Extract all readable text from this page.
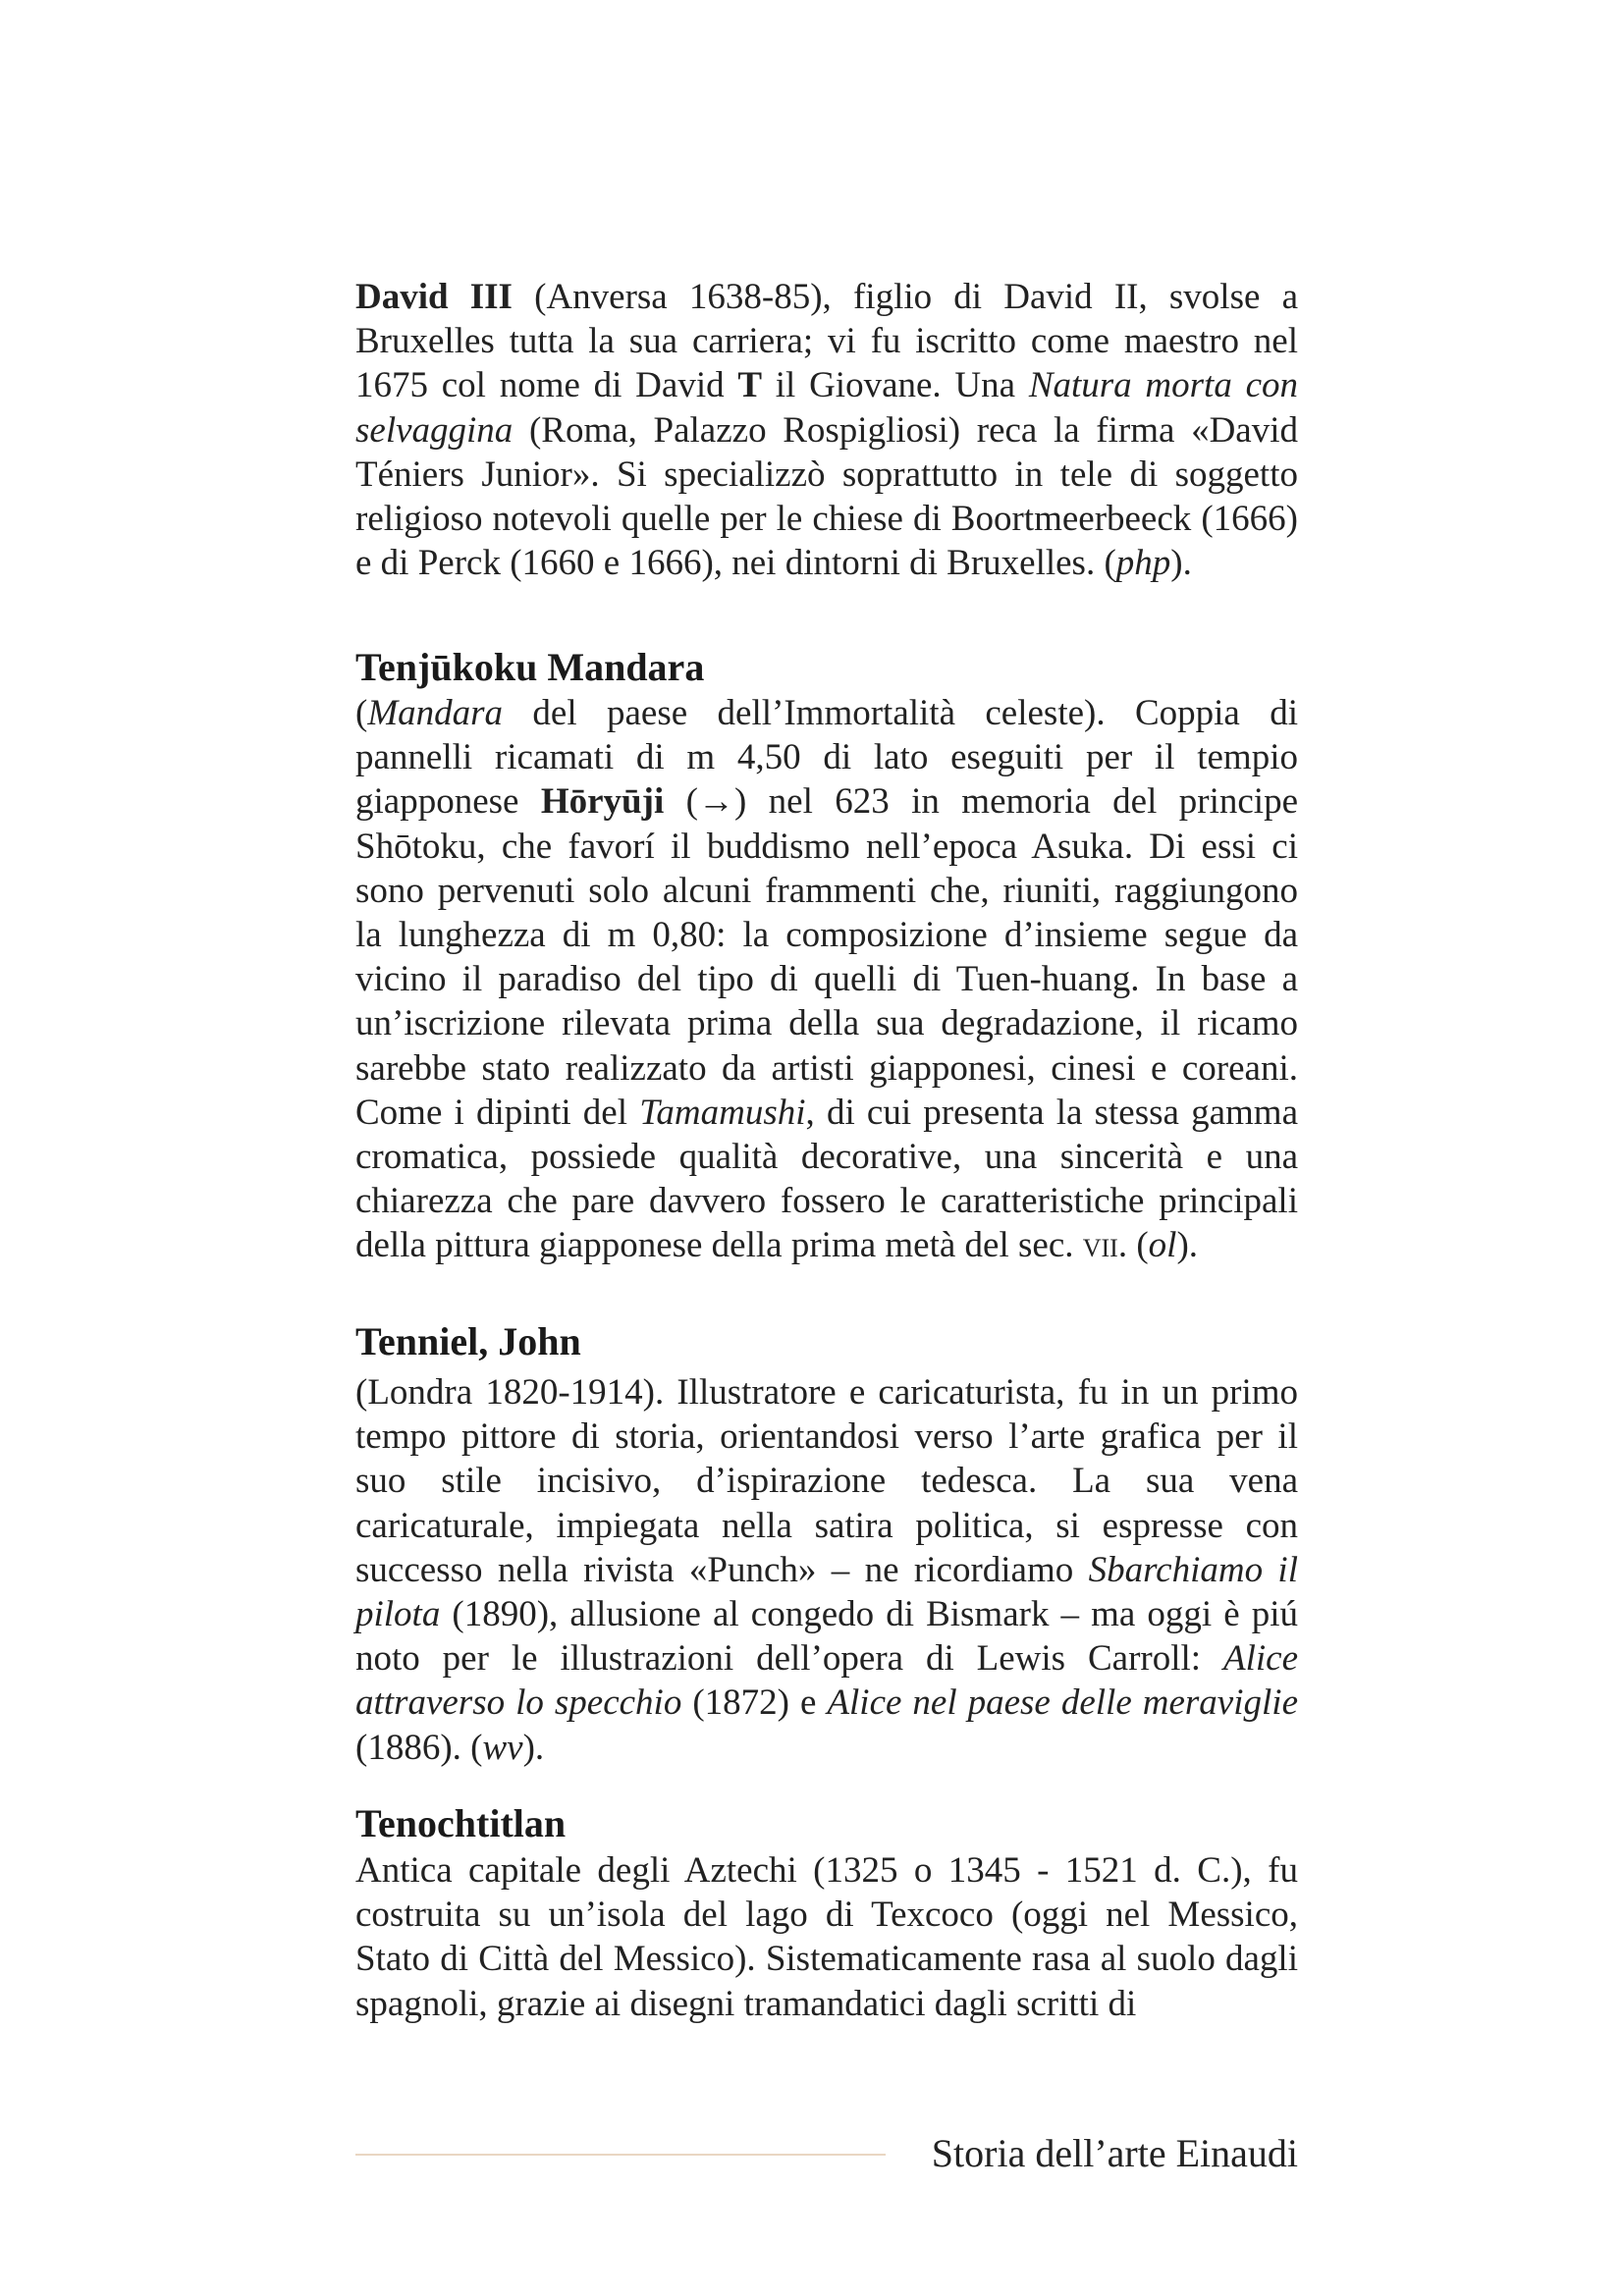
David III (Anversa 1638-85), figlio di David II, svolse a Bruxelles tutta la sua carriera; vi fu iscritto come maestro nel 1675 col nome di David T il Giovane. Una Natura morta con selvaggina (Roma, Palazzo Rospigliosi) reca la firma «David Téniers Junior». Si specializzò soprattutto in tele di soggetto religioso notevoli quelle per le chiese di Boortmeerbeeck (1666) e di Perck (1660 e 1666), nei dintorni di Bruxelles. (php).

Tenjūkoku Mandara

(Mandara del paese dell’Immortalità celeste). Coppia di pannelli ricamati di m 4,50 di lato eseguiti per il tempio giapponese Hōryūji (→) nel 623 in memoria del principe Shōtoku, che favorí il buddismo nell’epoca Asuka. Di essi ci sono pervenuti solo alcuni frammenti che, riuniti, raggiungono la lunghezza di m 0,80: la composizione d’insieme segue da vicino il paradiso del tipo di quelli di Tuen-huang. In base a un’iscrizione rilevata prima della sua degradazione, il ricamo sarebbe stato realizzato da artisti giapponesi, cinesi e coreani. Come i dipinti del Tamamushi, di cui presenta la stessa gamma cromatica, possiede qualità decorative, una sincerità e una chiarezza che pare davvero fossero le caratteristiche principali della pittura giapponese della prima metà del sec. vii. (ol).

Tenniel, John

(Londra 1820-1914). Illustratore e caricaturista, fu in un primo tempo pittore di storia, orientandosi verso l’arte grafica per il suo stile incisivo, d’ispirazione tedesca. La sua vena caricaturale, impiegata nella satira politica, si espresse con successo nella rivista «Punch» – ne ricordiamo Sbarchiamo il pilota (1890), allusione al congedo di Bismark – ma oggi è piú noto per le illustrazioni dell’opera di Lewis Carroll: Alice attraverso lo specchio (1872) e Alice nel paese delle meraviglie (1886). (wv).

Tenochtitlan

Antica capitale degli Aztechi (1325 o 1345 - 1521 d. C.), fu costruita su un’isola del lago di Texcoco (oggi nel Messico, Stato di Città del Messico). Sistematicamente rasa al suolo dagli spagnoli, grazie ai disegni tramandatici dagli scritti di

Storia dell’arte Einaudi
